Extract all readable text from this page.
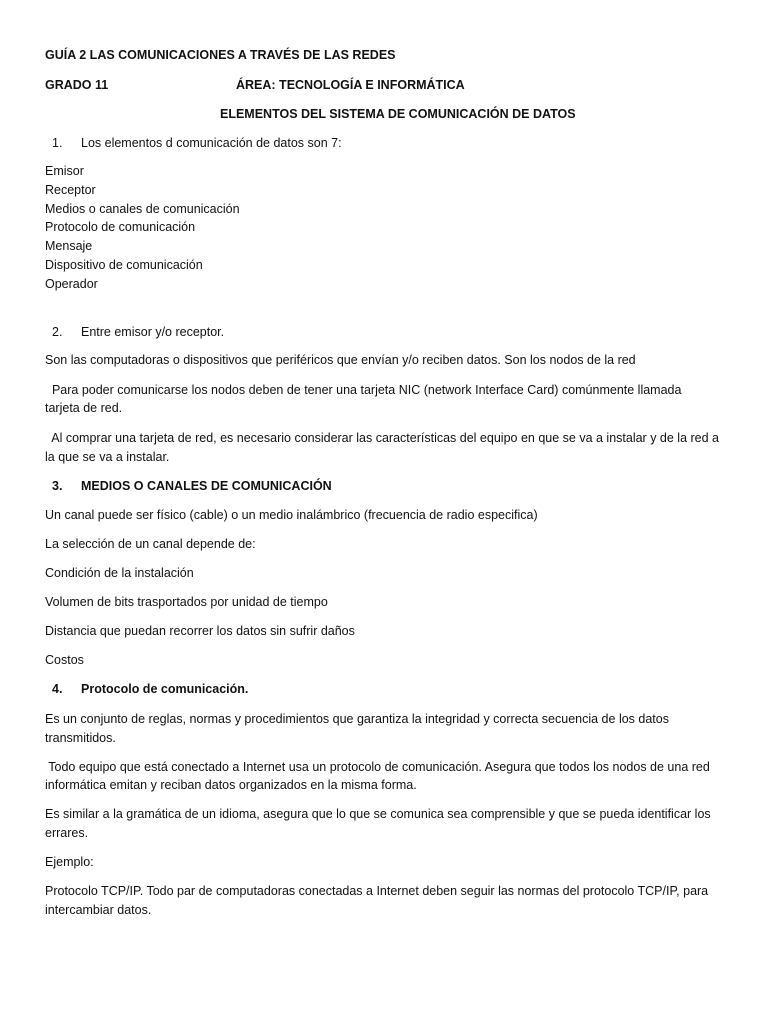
GUÍA 2 LAS COMUNICACIONES A TRAVÉS DE LAS REDES
GRADO 11	ÁREA: TECNOLOGÍA E INFORMÁTICA
ELEMENTOS DEL SISTEMA DE COMUNICACIÓN DE DATOS
1. Los elementos d comunicación de datos son 7:
Emisor
Receptor
Medios o canales de comunicación
Protocolo de comunicación
Mensaje
Dispositivo de comunicación
Operador
2. Entre emisor y/o receptor.
Son las computadoras o dispositivos que periféricos que envían y/o reciben datos. Son los nodos de la red
Para poder comunicarse los nodos deben de tener una tarjeta NIC (network Interface Card) comúnmente llamada
tarjeta de red.
Al comprar una tarjeta de red, es necesario considerar las características del equipo en que se va a instalar y de la red a
la que se va a instalar.
3. MEDIOS O CANALES DE COMUNICACIÓN
Un canal puede ser físico (cable) o un medio inalámbrico (frecuencia de radio especifica)
La selección de un canal depende de:
Condición de la instalación
Volumen de bits trasportados por unidad de tiempo
Distancia que puedan recorrer los datos sin sufrir daños
Costos
4. Protocolo de comunicación.
Es un conjunto de reglas, normas y procedimientos que garantiza la integridad y correcta secuencia de los datos
transmitidos.
Todo equipo que está conectado a Internet usa un protocolo de comunicación. Asegura que todos los nodos de una red
informática emitan y reciban datos organizados en la misma forma.
Es similar a la gramática de un idioma, asegura que lo que se comunica sea comprensible y que se pueda identificar los
errares.
Ejemplo:
Protocolo TCP/IP. Todo par de computadoras conectadas a Internet deben seguir las normas del protocolo TCP/IP, para
intercambiar datos.
